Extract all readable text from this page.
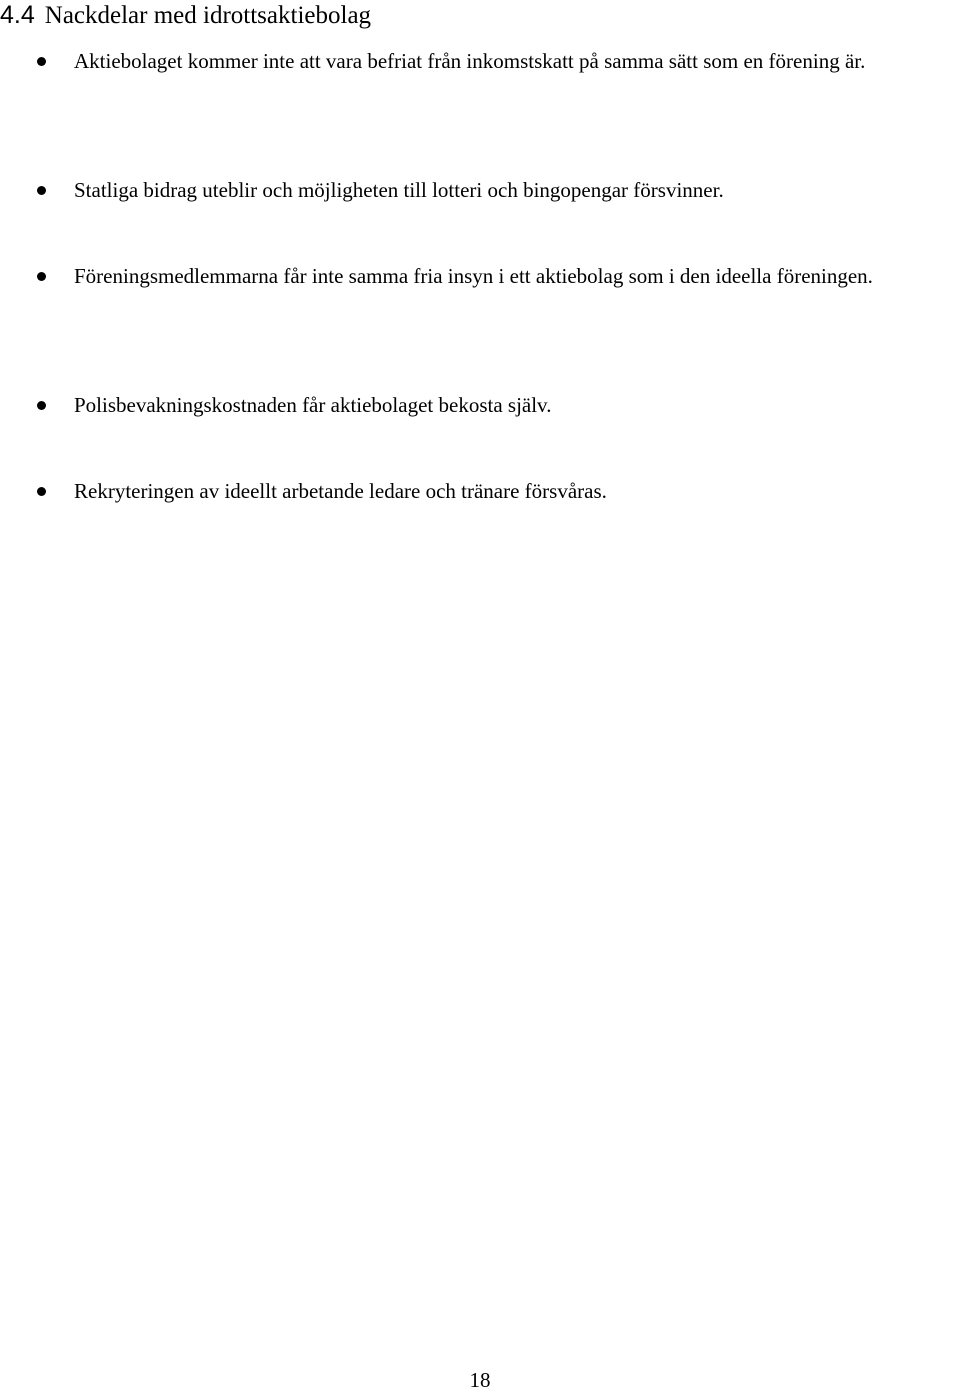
4.4 Nackdelar med idrottsaktiebolag

Aktiebolaget kommer inte att vara befriat från inkomstskatt på samma sätt som en förening är.

Statliga bidrag uteblir och möjligheten till lotteri och bingopengar försvinner.

Föreningsmedlemmarna får inte samma fria insyn i ett aktiebolag som i den ideella föreningen.

Polisbevakningskostnaden får aktiebolaget bekosta själv.

Rekryteringen av ideellt arbetande ledare och tränare försvåras.

18
